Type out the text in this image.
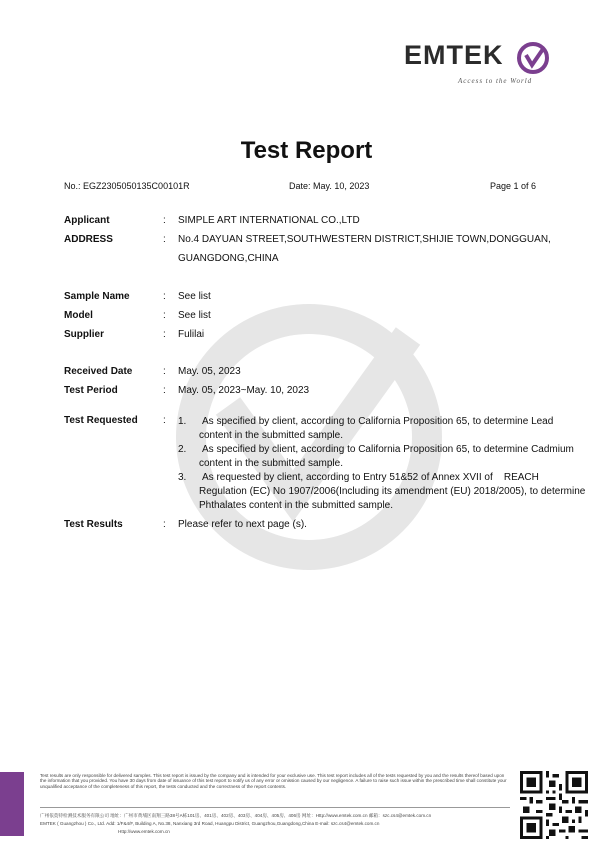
EMTEK
Access to the World
Test Report
No.: EGZ2305050135C00101R	Date: May. 10, 2023	Page 1 of 6
Applicant	: SIMPLE ART INTERNATIONAL CO.,LTD
ADDRESS	: No.4 DAYUAN STREET,SOUTHWESTERN DISTRICT,SHIJIE TOWN,DONGGUAN,
GUANGDONG,CHINA
Sample Name	: See list
Model	: See list
Supplier	: Fulilai
Received Date	: May. 05, 2023
Test Period	: May. 05, 2023~May. 10, 2023
Test Requested	: 1. As specified by client, according to California Proposition 65, to determine Lead
content in the submitted sample.
2. As specified by client, according to California Proposition 65, to determine Cadmium
content in the submitted sample.
3. As requested by client, according to Entry 51&52 of Annex XVII of    REACH
Regulation (EC) No 1907/2006(Including its amendment (EU) 2018/2005), to determine
Phthalates content in the submitted sample.
Test Results	: Please refer to next page (s).
Test results are only responsible for delivered samples. This test report is issued by the company and is intended for your exclusive use. This test report includes all of the tests requested by you and the results thereof based upon the information that you provided. You have 30 days from date of issuance of this test report to notify us of any error or omission caused by our negligence. A failure to raise such issue within the prescribed time shall constitute your unqualified acceptance of the completeness of this report, the tests conducted and the correctness of the report contents.
广州依莫特检测技术服务有限公司 地址：广州市黄埔区南翔三路38号A栋101房、401房、402房、403房、404房、405房、406房 网址：Http://www.emtek.com.cn 邮箱：szc.cs4@emtek.com.cn
EMTEK ( Guangzhou ) Co., Ltd. Add: 1/F&4/F, Building A, No.38, Nanxiang 3rd Road, Huangpu District, Guangzhou,Guangdong,China E-mail: szc.cs4@emtek.com.cn
Http://www.emtek.com.cn
